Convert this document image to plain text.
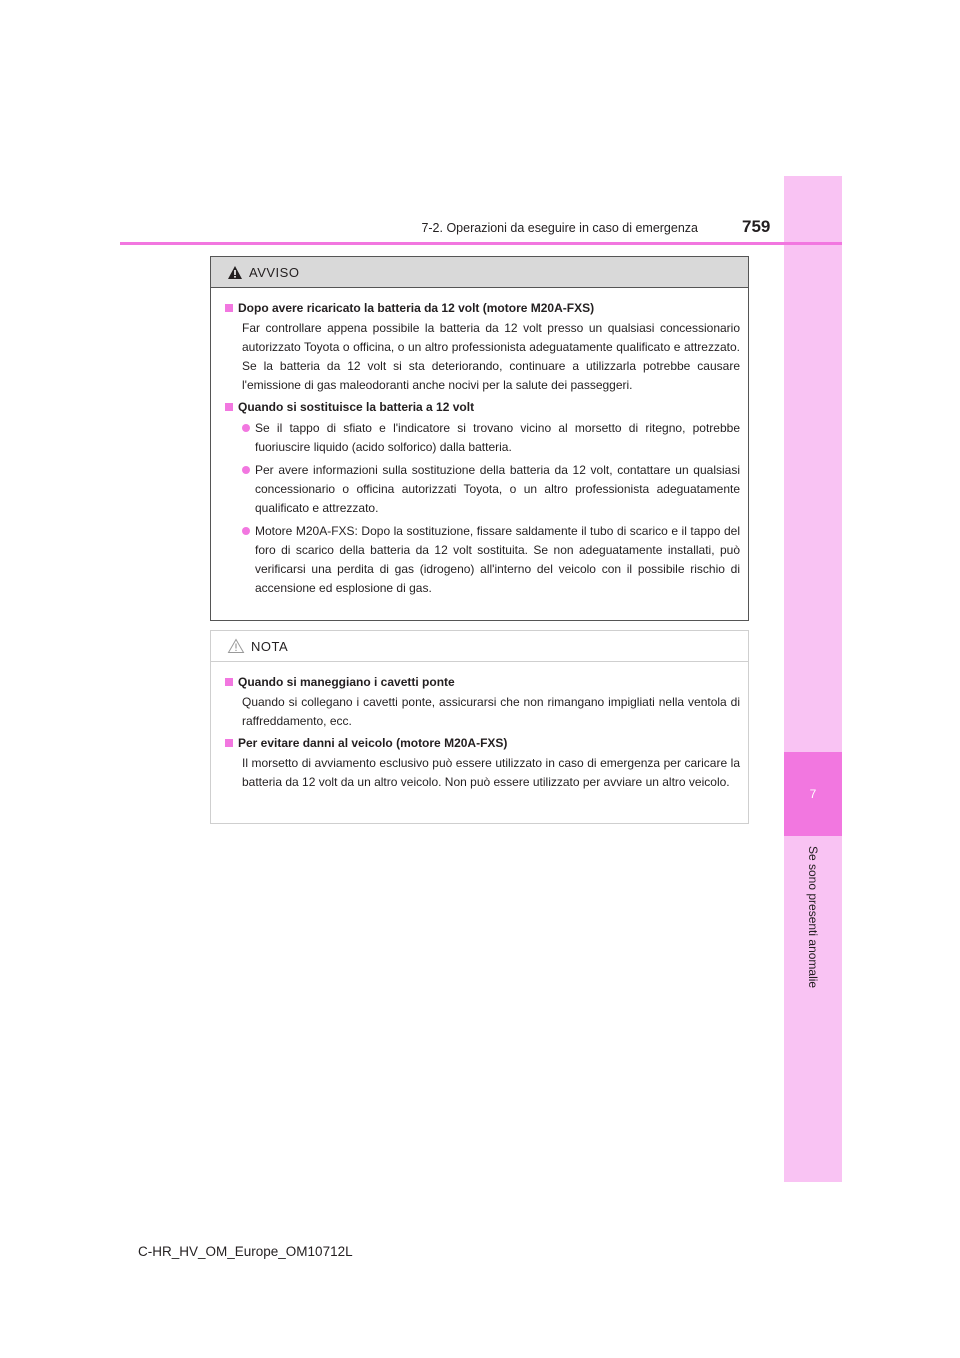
7
Se sono presenti anomalie
7-2. Operazioni da eseguire in caso di emergenza	759
AVVISO
Dopo avere ricaricato la batteria da 12 volt (motore M20A-FXS)
Far controllare appena possibile la batteria da 12 volt presso un qualsiasi concessionario autorizzato Toyota o officina, o un altro professionista adeguatamente qualificato e attrezzato. Se la batteria da 12 volt si sta deteriorando, continuare a utilizzarla potrebbe causare l'emissione di gas maleodoranti anche nocivi per la salute dei passeggeri.
Quando si sostituisce la batteria a 12 volt
Se il tappo di sfiato e l'indicatore si trovano vicino al morsetto di ritegno, potrebbe fuoriuscire liquido (acido solforico) dalla batteria.
Per avere informazioni sulla sostituzione della batteria da 12 volt, contattare un qualsiasi concessionario o officina autorizzati Toyota, o un altro professionista adeguatamente qualificato e attrezzato.
Motore M20A-FXS: Dopo la sostituzione, fissare saldamente il tubo di scarico e il tappo del foro di scarico della batteria da 12 volt sostituita. Se non adeguatamente installati, può verificarsi una perdita di gas (idrogeno) all'interno del veicolo con il possibile rischio di accensione ed esplosione di gas.
NOTA
Quando si maneggiano i cavetti ponte
Quando si collegano i cavetti ponte, assicurarsi che non rimangano impigliati nella ventola di raffreddamento, ecc.
Per evitare danni al veicolo (motore M20A-FXS)
Il morsetto di avviamento esclusivo può essere utilizzato in caso di emergenza per caricare la batteria da 12 volt da un altro veicolo. Non può essere utilizzato per avviare un altro veicolo.
C-HR_HV_OM_Europe_OM10712L
